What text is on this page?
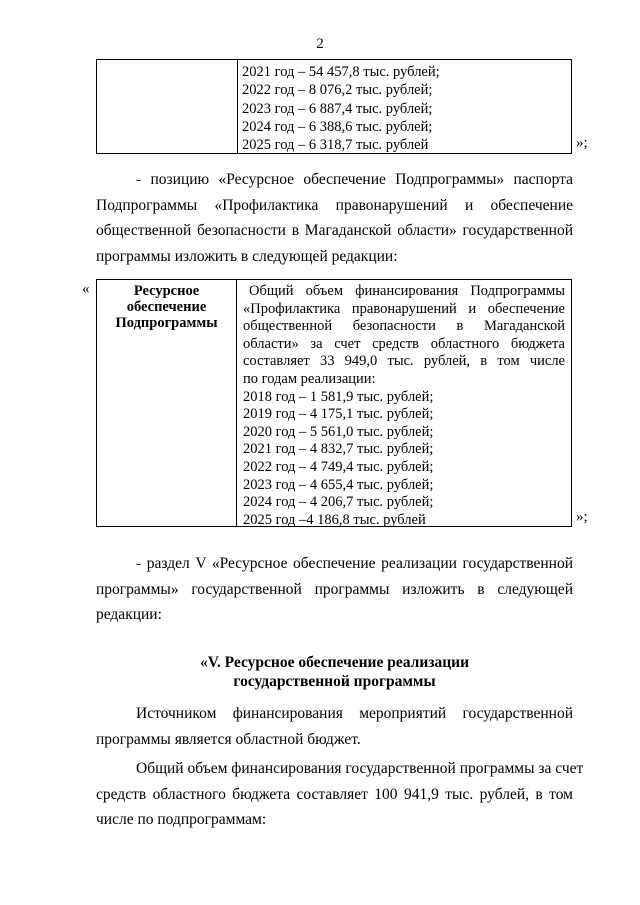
2
2021 год – 54 457,8 тыс. рублей;
2022 год – 8 076,2 тыс. рублей;
2023 год – 6 887,4 тыс. рублей;
2024 год – 6 388,6 тыс. рублей;
2025 год – 6 318,7 тыс. рублей	»;
- позицию «Ресурсное обеспечение Подпрограммы» паспорта
Подпрограммы «Профилактика правонарушений и обеспечение
общественной безопасности в Магаданской области» государственной
программы изложить в следующей редакции:
«	Ресурсное
обеспечение
Подпрограммы
Общий объем финансирования Подпрограммы
«Профилактика правонарушений и обеспечение
общественной безопасности в Магаданской
области» за счет средств областного бюджета
составляет 33 949,0 тыс. рублей, в том числе
по годам реализации:
2018 год – 1 581,9 тыс. рублей;
2019 год – 4 175,1 тыс. рублей;
2020 год – 5 561,0 тыс. рублей;
2021 год – 4 832,7 тыс. рублей;
2022 год – 4 749,4 тыс. рублей;
2023 год – 4 655,4 тыс. рублей;
2024 год – 4 206,7 тыс. рублей;
2025 год –4 186,8 тыс. рублей	»;
- раздел V «Ресурсное обеспечение реализации государственной
программы» государственной программы изложить в следующей
редакции:
«V. Ресурсное обеспечение реализации
государственной программы
Источником финансирования мероприятий государственной
программы является областной бюджет.
Общий объем финансирования государственной программы за счет
средств областного бюджета составляет 100 941,9 тыс. рублей, в том
числе по подпрограммам:
